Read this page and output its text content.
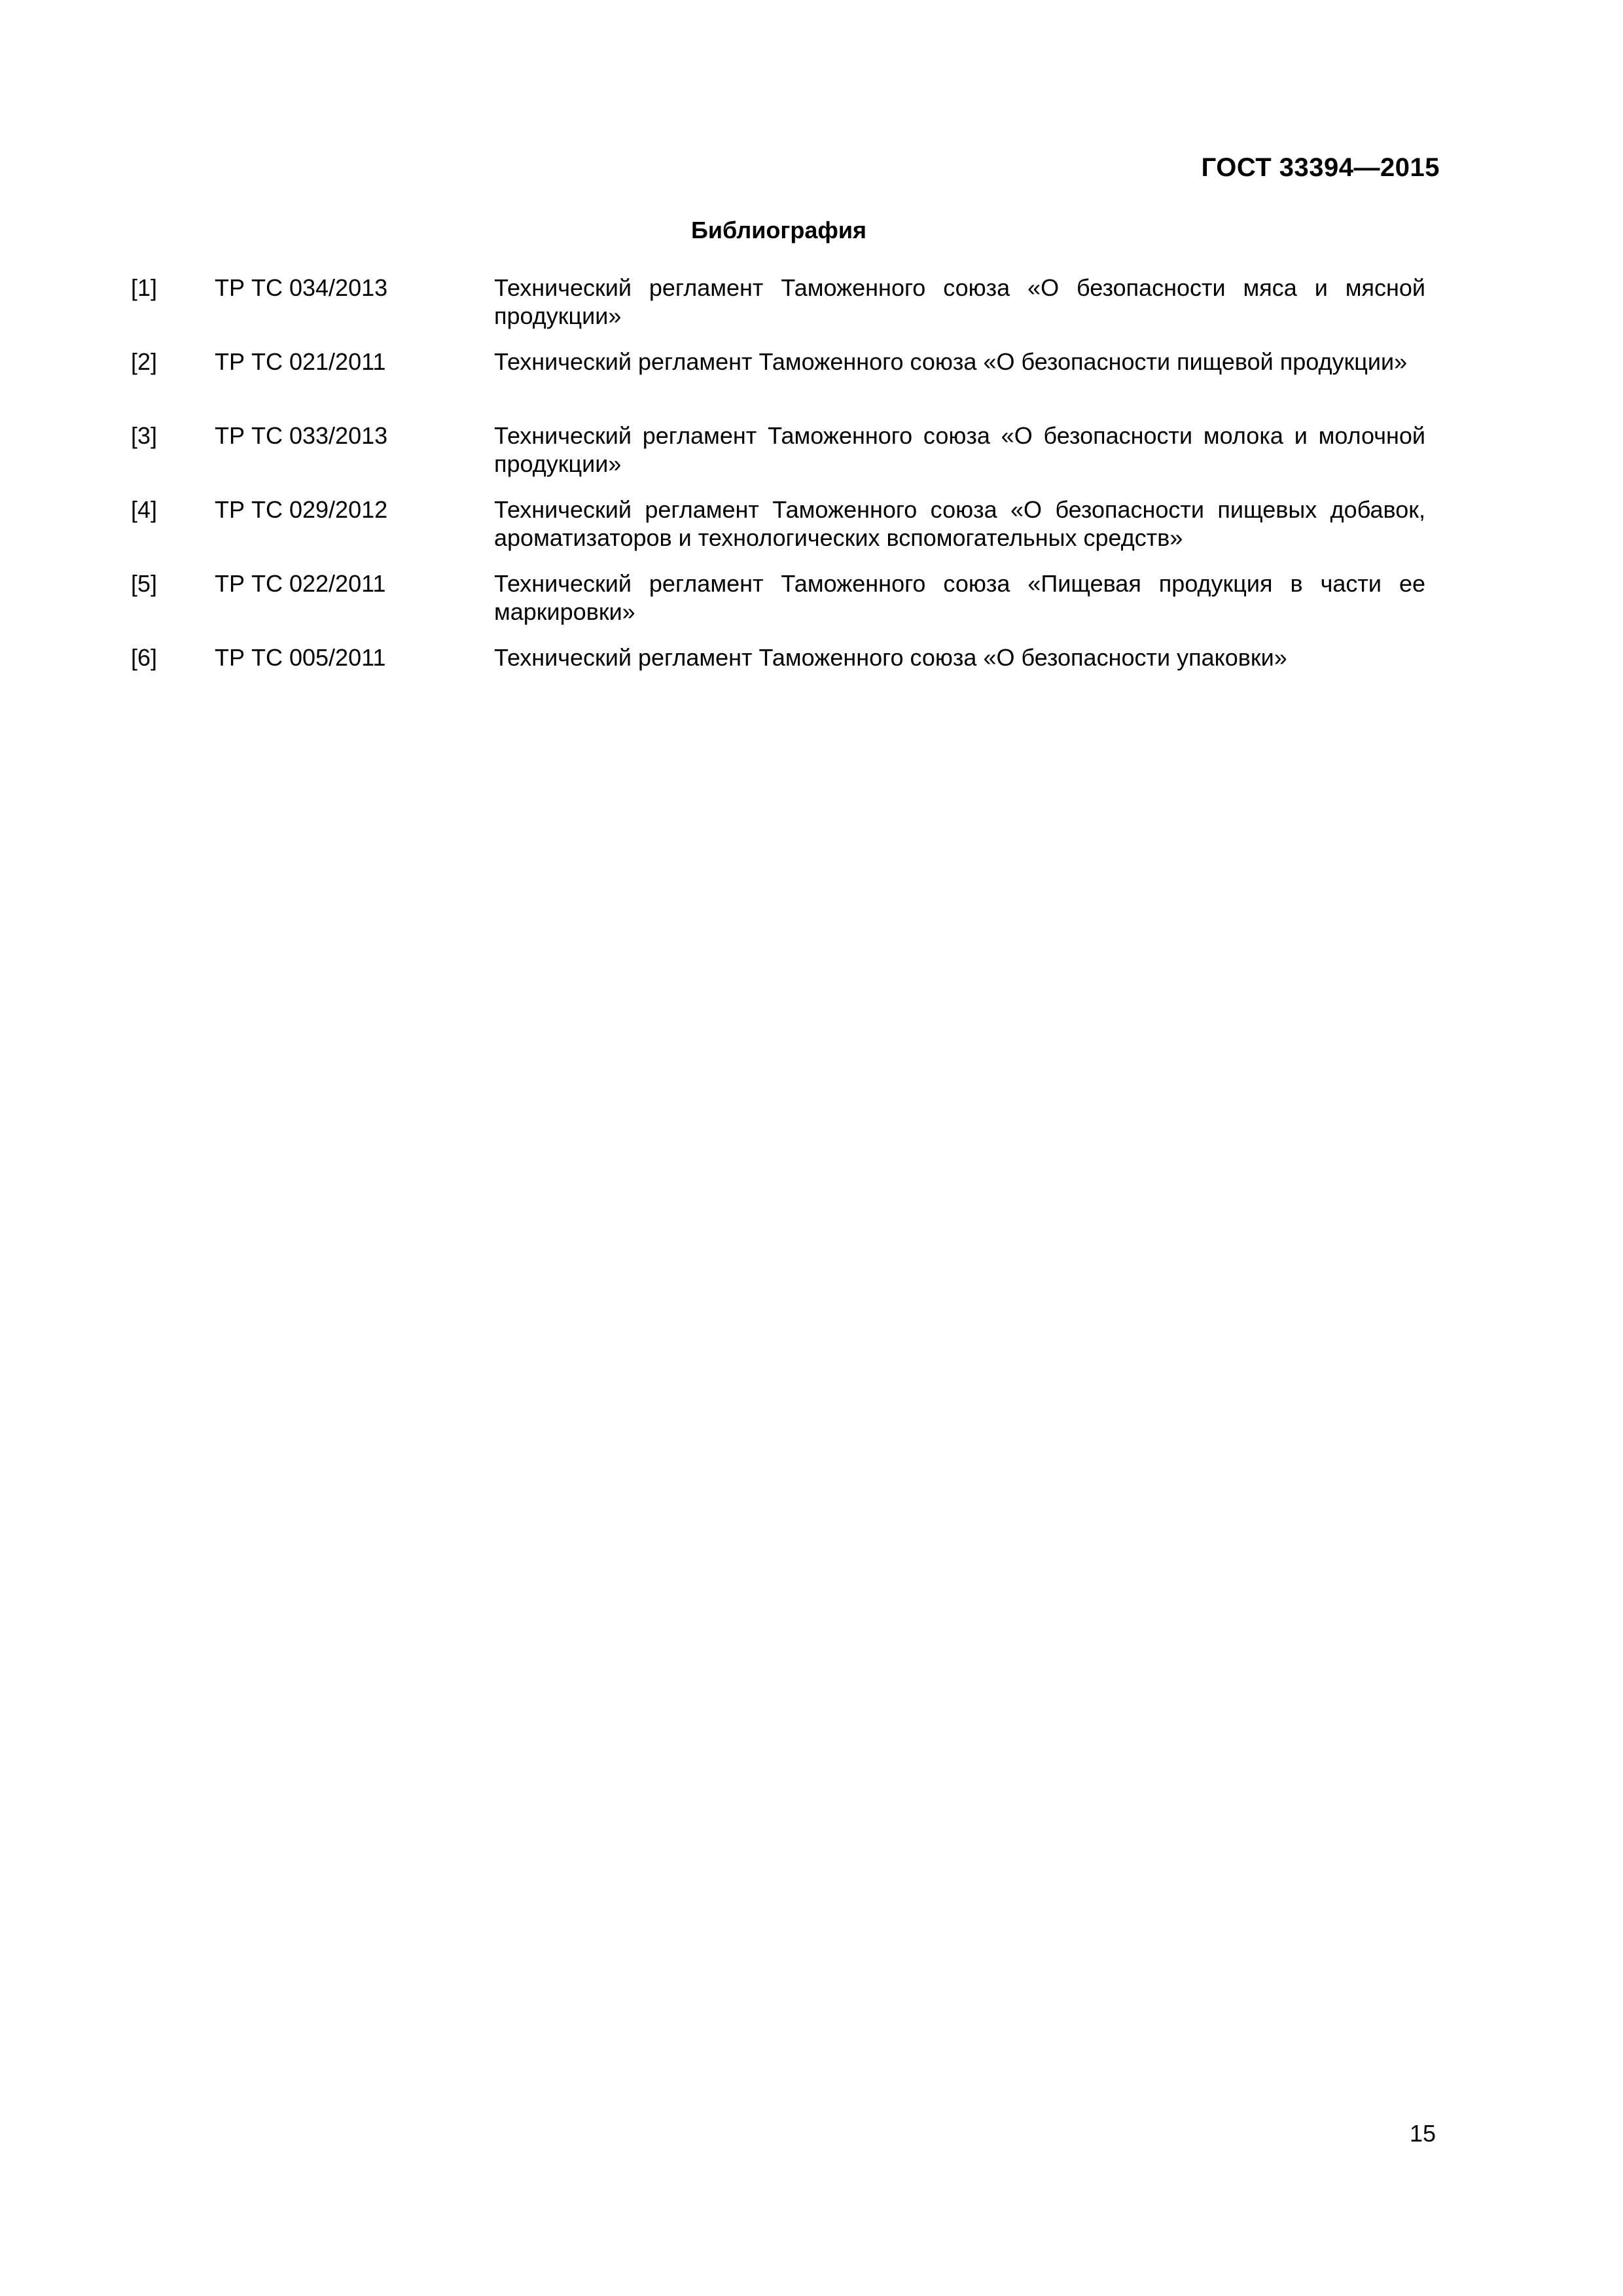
ГОСТ 33394—2015
Библиография
[1] ТР ТС 034/2013	Технический регламент Таможенного союза «О безопасности мяса и мясной продукции»
[2] ТР ТС 021/2011	Технический регламент Таможенного союза «О безопасности пищевой продукции»
[3] ТР ТС 033/2013	Технический регламент Таможенного союза «О безопасности молока и молочной продукции»
[4] ТР ТС 029/2012	Технический регламент Таможенного союза «О безопасности пищевых добавок, ароматизаторов и технологических вспомогательных средств»
[5] ТР ТС 022/2011	Технический регламент Таможенного союза «Пищевая продукция в части ее маркировки»
[6] ТР ТС 005/2011	Технический регламент Таможенного союза «О безопасности упаковки»
15
